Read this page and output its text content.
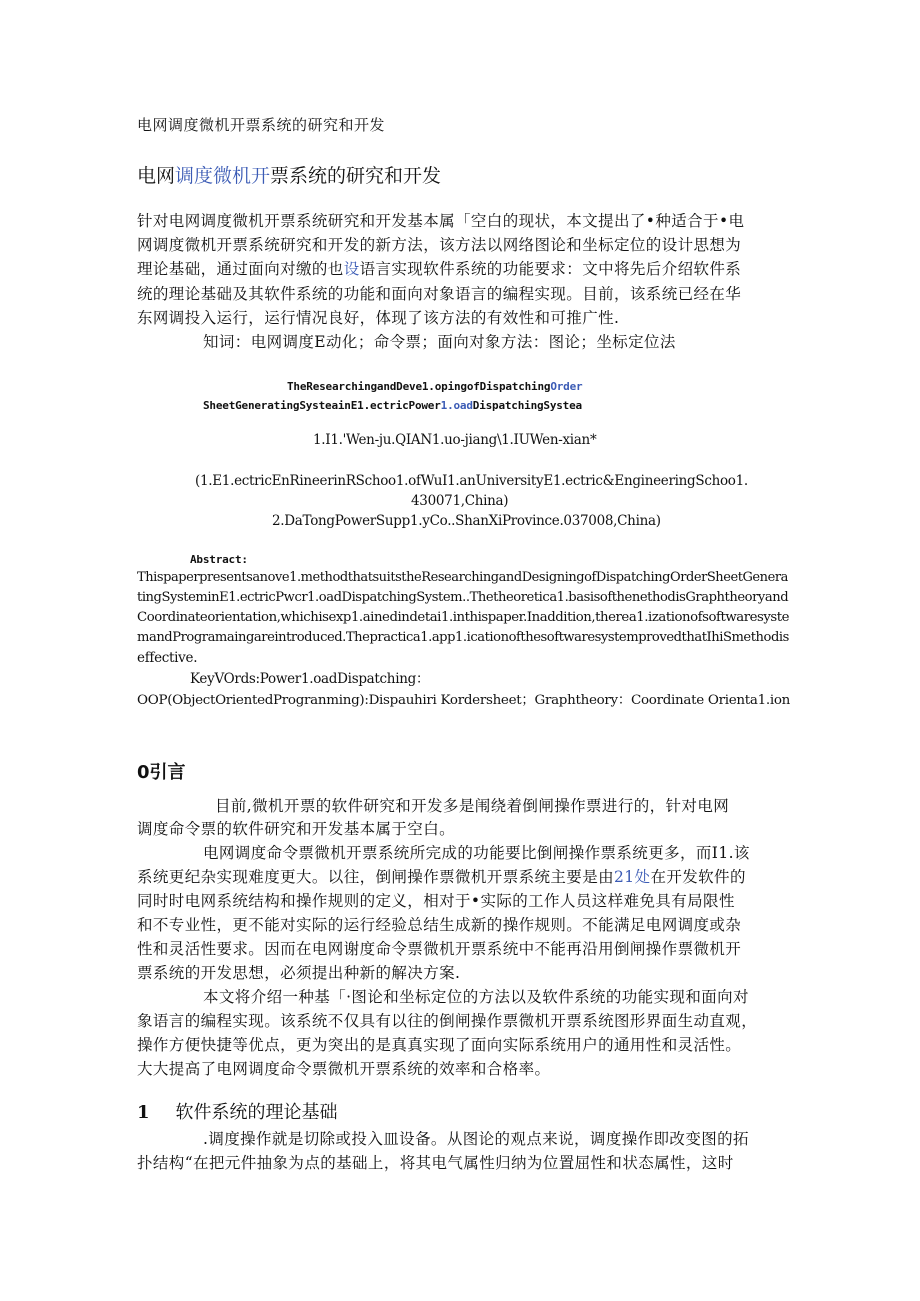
电网调度微机开票系统的研究和开发
电网调度微机开票系统的研究和开发
针对电网调度微机开票系统研究和开发基本属「空白的现状，本文提出了•种适合于•电
网调度微机开票系统研究和开发的新方法，该方法以网络图论和坐标定位的设计思想为
理论基础，通过面向对缴的也设语言实现软件系统的功能要求：文中将先后介绍软件系
统的理论基础及其软件系统的功能和面向对象语言的编程实现。目前，该系统已经在华
东网调投入运行，运行情况良好，体现了该方法的有效性和可推广性.
知词：电网调度E动化；命令票；面向对象方法：图论；坐标定位法
TheResearchingandDeve1.opingofDispatchingOrder
SheetGeneratingSysteainE1.ectricPower1.oadDispatchingSystea
1.I1.'Wen-ju.QIAN1.uo-jiang\1.IUWen-xian*
(1.E1.ectricEnRineerinRSchoo1.ofWuI1.anUniversityE1.ectric&EngineeringSchoo1.
430071,China)
2.DaTongPowerSupp1.yCo..ShanXiProvince.037008,China)
Abstract:
Thispaperpresentsanove1.methodthatsuitstheResearchingandDesigningofDispatchingOrderSheetGenera
tingSysteminE1.ectricPwcr1.oadDispatchingSystem..Thetheoretica1.basisofthenethodisGraphtheoryand
Coordinateorientation,whichisexp1.ainedindetai1.inthispaper.Inaddition,therea1.izationofsoftwaresyste
mandProgramaingareintroduced.Thepractica1.app1.icationofthesoftwaresystemprovedthatIhiSmethodis
effective.
KeyVOrds:Power1.oadDispatching：
OOP(ObjectOrientedProgranming):Dispauhiri Kordersheet；Graphtheory：Coordinate Orienta1.ion
0引言
目前,微机开票的软件研究和开发多是闱绕着倒闸操作票进行的，针对电网
调度命令票的软件研究和开发基本属于空白。
电网调度命令票微机开票系统所完成的功能要比倒闸操作票系统更多，而I1.该
系统更纪杂实现难度更大。以往，倒闸操作票微机开票系统主要是由21处在开发软件的
同时时电网系统结构和操作规则的定义，相对于•实际的工作人员这样难免具有局限性
和不专业性，更不能对实际的运行经验总结生成新的操作规则。不能满足电网调度或杂
性和灵活性要求。因而在电网谢度命令票微机开票系统中不能再沿用倒闸操作票微机开
票系统的开发思想，必须提出种新的解决方案.
本文将介绍一种基「·图论和坐标定位的方法以及软件系统的功能实现和面向对
象语言的编程实现。该系统不仅具有以往的倒闸操作票微机开票系统图形界面生动直观，
操作方便快捷等优点，更为突出的是真真实现了面向实际系统用户的通用性和灵活性。
大大提高了电网调度命令票微机开票系统的效率和合格率。
1 软件系统的理论基础
.调度操作就是切除或投入皿设备。从图论的观点来说，调度操作即改变图的拓
扑结构“在把元件抽象为点的基础上，将其电气属性归纳为位置屈性和状态属性，这时
